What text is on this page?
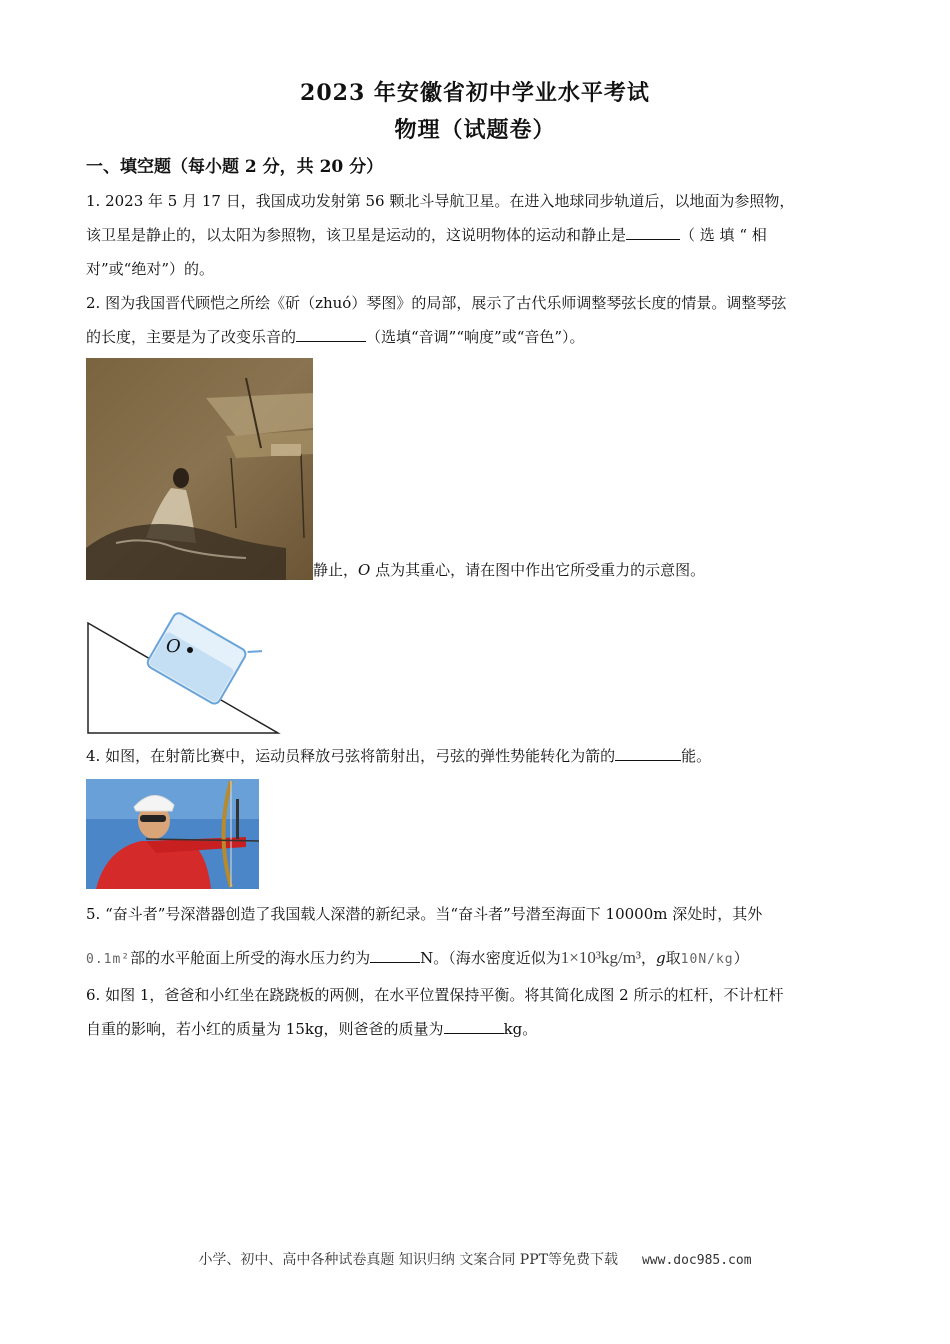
2023 年安徽省初中学业水平考试
物理（试题卷）
一、填空题（每小题 2 分，共 20 分）
1. 2023 年 5 月 17 日，我国成功发射第 56 颗北斗导航卫星。在进入地球同步轨道后，以地面为参照物，
该卫星是静止的，以太阳为参照物，该卫星是运动的，这说明物体的运动和静止是	（ 选 填 “ 相
对”或“绝对”）的。
2. 图为我国晋代顾恺之所绘《斫（zhuó）琴图》的局部，展示了古代乐师调整琴弦长度的情景。调整琴弦
的长度，主要是为了改变乐音的	（选填“音调”“响度”或“音色”）。
静止，O 点为其重心，请在图中作出它所受重力的示意图。
O
4. 如图，在射箭比赛中，运动员释放弓弦将箭射出，弓弦的弹性势能转化为箭的	能。
5. “奋斗者”号深潜器创造了我国载人深潜的新纪录。当“奋斗者”号潜至海面下 10000m 深处时，其外
0.1m²部的水平舱面上所受的海水压力约为	N。（海水密度近似为1×10³kg/m³，g取10N/kg）
6. 如图 1，爸爸和小红坐在跷跷板的两侧，在水平位置保持平衡。将其简化成图 2 所示的杠杆，不计杠杆
自重的影响，若小红的质量为 15kg，则爸爸的质量为	kg。
小学、初中、高中各种试卷真题 知识归纳 文案合同 PPT等免费下载 www.doc985.com
